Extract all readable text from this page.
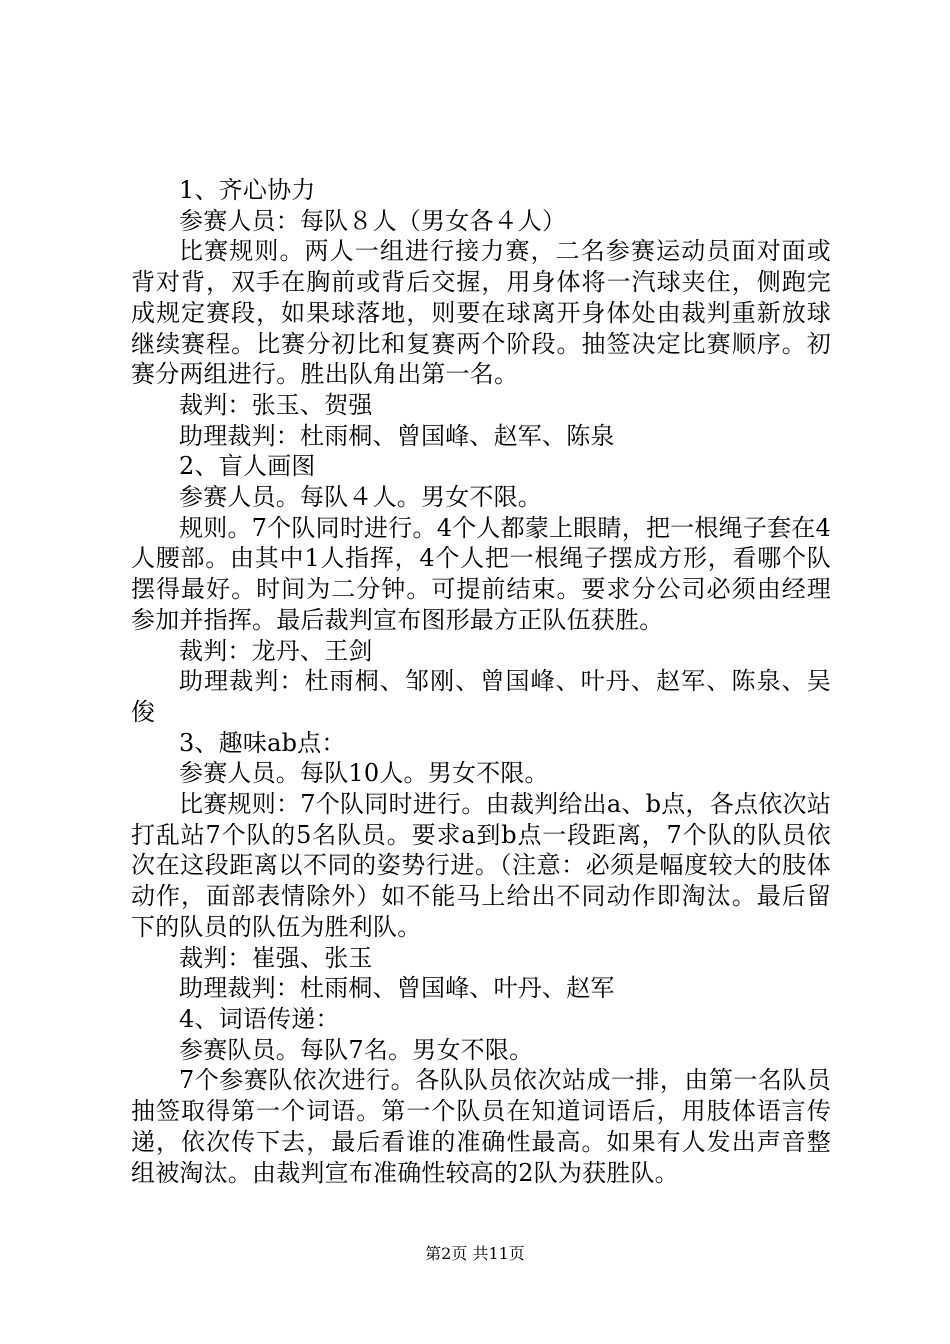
1、齐心协力

参赛人员：每队８人（男女各４人）

比赛规则。两人一组进行接力赛，二名参赛运动员面对面或背对背，双手在胸前或背后交握，用身体将一汽球夹住，侧跑完成规定赛段，如果球落地，则要在球离开身体处由裁判重新放球继续赛程。比赛分初比和复赛两个阶段。抽签决定比赛顺序。初赛分两组进行。胜出队角出第一名。

裁判：张玉、贺强

助理裁判：杜雨桐、曾国峰、赵军、陈泉

2、盲人画图

参赛人员。每队４人。男女不限。

规则。7个队同时进行。4个人都蒙上眼睛，把一根绳子套在4人腰部。由其中1人指挥，4个人把一根绳子摆成方形，看哪个队摆得最好。时间为二分钟。可提前结束。要求分公司必须由经理参加并指挥。最后裁判宣布图形最方正队伍获胜。

裁判：龙丹、王剑

助理裁判：杜雨桐、邹刚、曾国峰、叶丹、赵军、陈泉、吴俊

3、趣味ab点：

参赛人员。每队10人。男女不限。

比赛规则：7个队同时进行。由裁判给出a、b点，各点依次站打乱站7个队的5名队员。要求a到b点一段距离，7个队的队员依次在这段距离以不同的姿势行进。（注意：必须是幅度较大的肢体动作，面部表情除外）如不能马上给出不同动作即淘汰。最后留下的队员的队伍为胜利队。

裁判：崔强、张玉

助理裁判：杜雨桐、曾国峰、叶丹、赵军

4、词语传递：

参赛队员。每队7名。男女不限。

7个参赛队依次进行。各队队员依次站成一排，由第一名队员抽签取得第一个词语。第一个队员在知道词语后，用肢体语言传递，依次传下去，最后看谁的准确性最高。如果有人发出声音整组被淘汰。由裁判宣布准确性较高的2队为获胜队。

第2页 共11页
